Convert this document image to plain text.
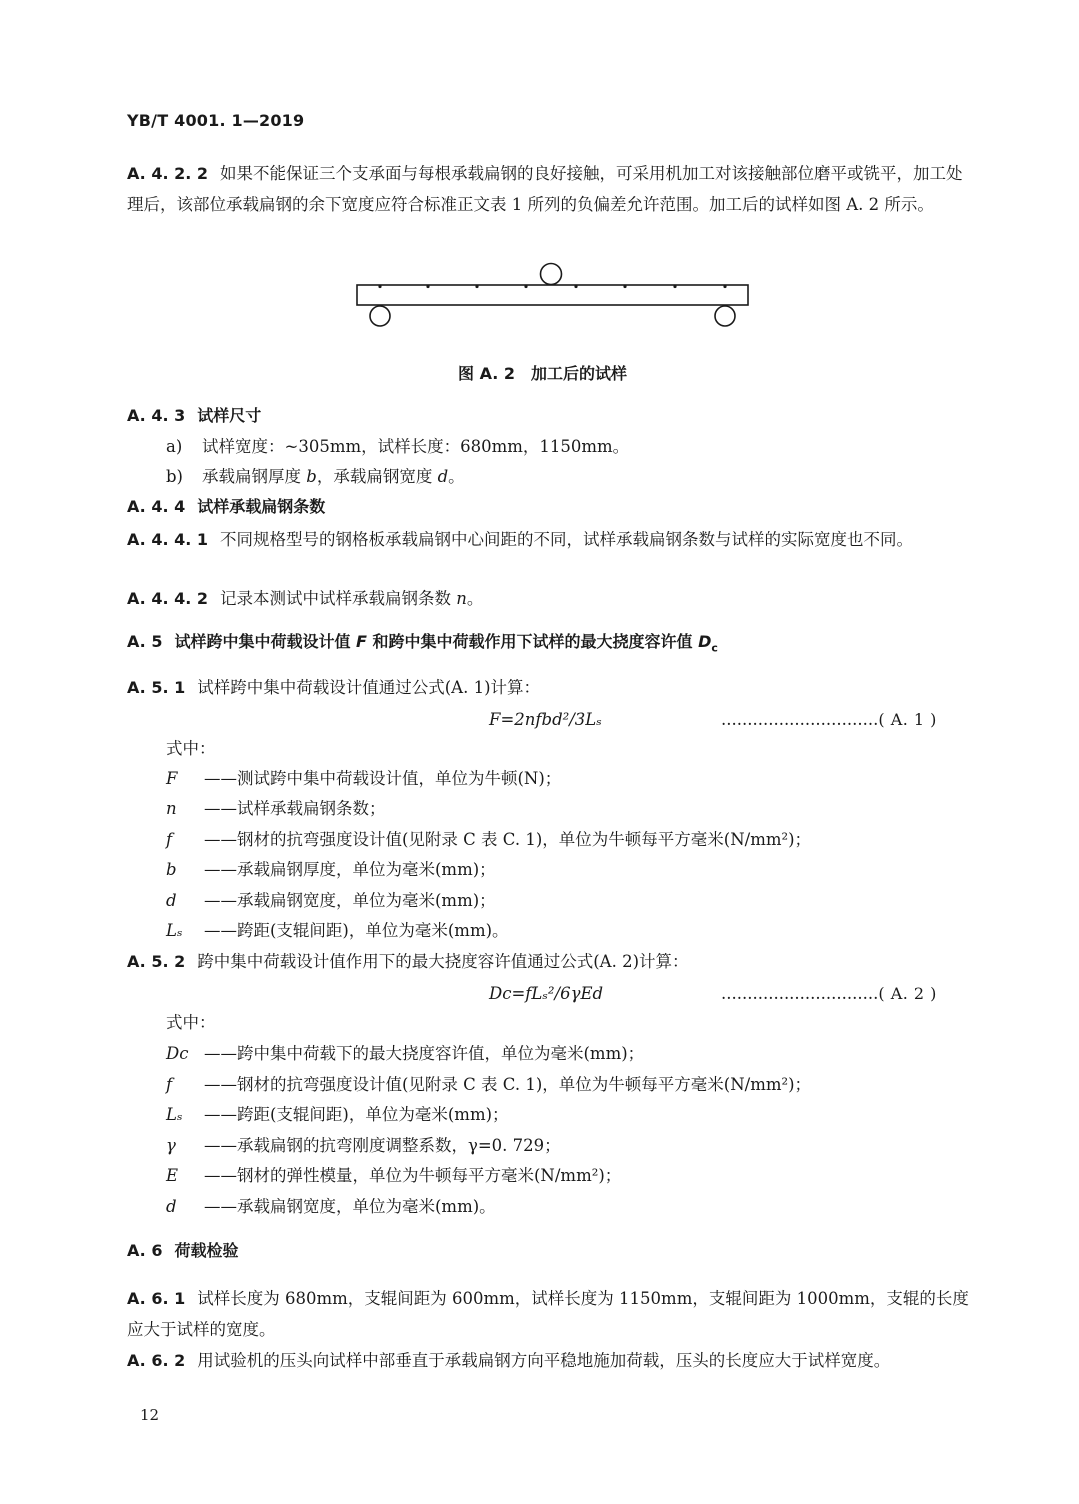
YB/T 4001. 1—2019
A. 4. 2. 2 如果不能保证三个支承面与每根承载扁钢的良好接触，可采用机加工对该接触部位磨平或铣平，加工处理后，该部位承载扁钢的余下宽度应符合标准正文表 1 所列的负偏差允许范围。加工后的试样如图 A. 2 所示。
图 A. 2　加工后的试样
A. 4. 3 试样尺寸
a) 试样宽度：~305mm，试样长度：680mm，1150mm。
b) 承载扁钢厚度 b，承载扁钢宽度 d。
A. 4. 4 试样承载扁钢条数
A. 4. 4. 1 不同规格型号的钢格板承载扁钢中心间距的不同，试样承载扁钢条数与试样的实际宽度也不同。
A. 4. 4. 2 记录本测试中试样承载扁钢条数 n。
A. 5 试样跨中集中荷载设计值 F 和跨中集中荷载作用下试样的最大挠度容许值 $D_c$
A. 5. 1 试样跨中集中荷载设计值通过公式(A. 1)计算：
F=2nfbd²/3Lₛ	..............................( A. 1 )
式中：
F ——测试跨中集中荷载设计值，单位为牛顿(N)；
n ——试样承载扁钢条数；
f ——钢材的抗弯强度设计值(见附录 C 表 C. 1)，单位为牛顿每平方毫米(N/mm²)；
b ——承载扁钢厚度，单位为毫米(mm)；
d ——承载扁钢宽度，单位为毫米(mm)；
Lₛ ——跨距(支辊间距)，单位为毫米(mm)。
A. 5. 2 跨中集中荷载设计值作用下的最大挠度容许值通过公式(A. 2)计算：
Dc=fLₛ²/6γEd	..............................( A. 2 )
式中：
Dc ——跨中集中荷载下的最大挠度容许值，单位为毫米(mm)；
f ——钢材的抗弯强度设计值(见附录 C 表 C. 1)，单位为牛顿每平方毫米(N/mm²)；
Lₛ ——跨距(支辊间距)，单位为毫米(mm)；
γ ——承载扁钢的抗弯刚度调整系数，γ=0. 729；
E ——钢材的弹性模量，单位为牛顿每平方毫米(N/mm²)；
d ——承载扁钢宽度，单位为毫米(mm)。
A. 6 荷载检验
A. 6. 1 试样长度为 680mm，支辊间距为 600mm，试样长度为 1150mm，支辊间距为 1000mm，支辊的长度应大于试样的宽度。
A. 6. 2 用试验机的压头向试样中部垂直于承载扁钢方向平稳地施加荷载，压头的长度应大于试样宽度。
12
